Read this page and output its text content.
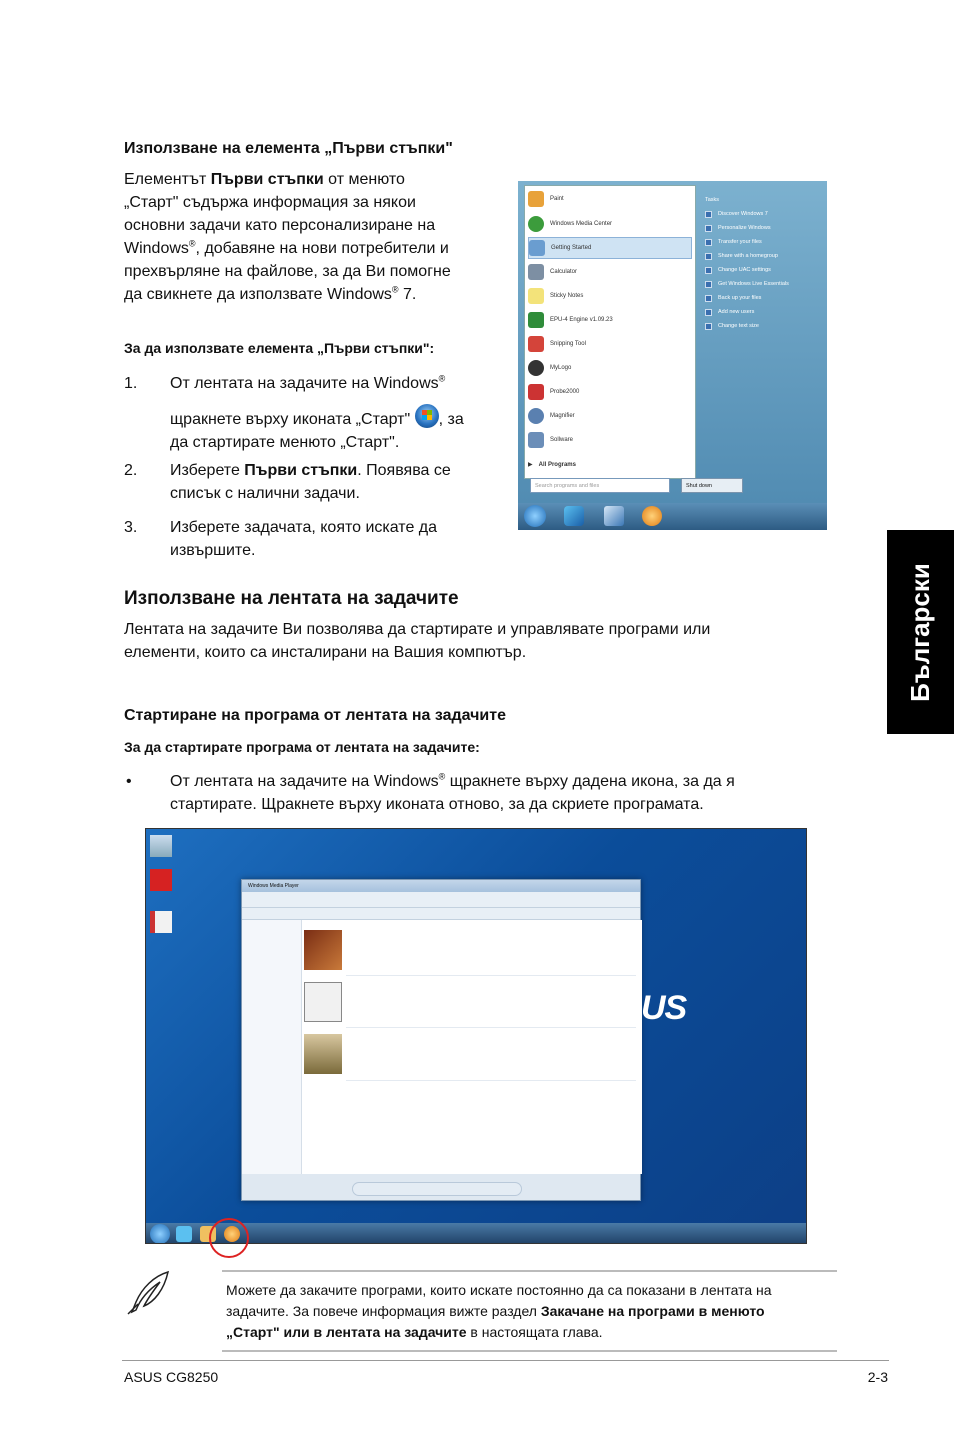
Използване на елемента „Първи стъпки"
Елементът Първи стъпки от менюто
„Старт" съдържа информация за някои
основни задачи като персонализиране на
Windows®, добавяне на нови потребители и
прехвърляне на файлове, за да Ви помогне
да свикнете да използвате Windows® 7.
За да използвате елемента „Първи стъпки":
1.	От лентата на задачите на Windows®
щракнете върху иконата „Старт" , за
да стартирате менюто „Старт".
2.	Изберете Първи стъпки. Появява се
списък с налични задачи.
3.	Изберете задачата, която искате да
извършите.
Paint
Windows Media Center
Getting Started
Calculator
Sticky Notes
EPU-4 Engine v1.09.23
Snipping Tool
MyLogo
Probe2000
Magnifier
Sollware
▶ All Programs
Tasks
Discover Windows 7
Personalize Windows
Transfer your files
Share with a homegroup
Change UAC settings
Get Windows Live Essentials
Back up your files
Add new users
Change text size
Search programs and files	Shut down
Български
Използване на лентата на задачите
Лентата на задачите Ви позволява да стартирате и управлявате програми или
елементи, които са инсталирани на Вашия компютър.
Стартиране на програма от лентата на задачите
За да стартирате програма от лентата на задачите:
• От лентата на задачите на Windows® щракнете върху дадена икона, за да я
стартирате. Щракнете върху иконата отново, за да скриете програмата.
Windows Media Player
US
Можете да закачите програми, които искате постоянно да са показани в лентата на
задачите. За повече информация вижте раздел Закачане на програми в менюто
„Старт" или в лентата на задачите в настоящата глава.
ASUS CG8250	2-3
